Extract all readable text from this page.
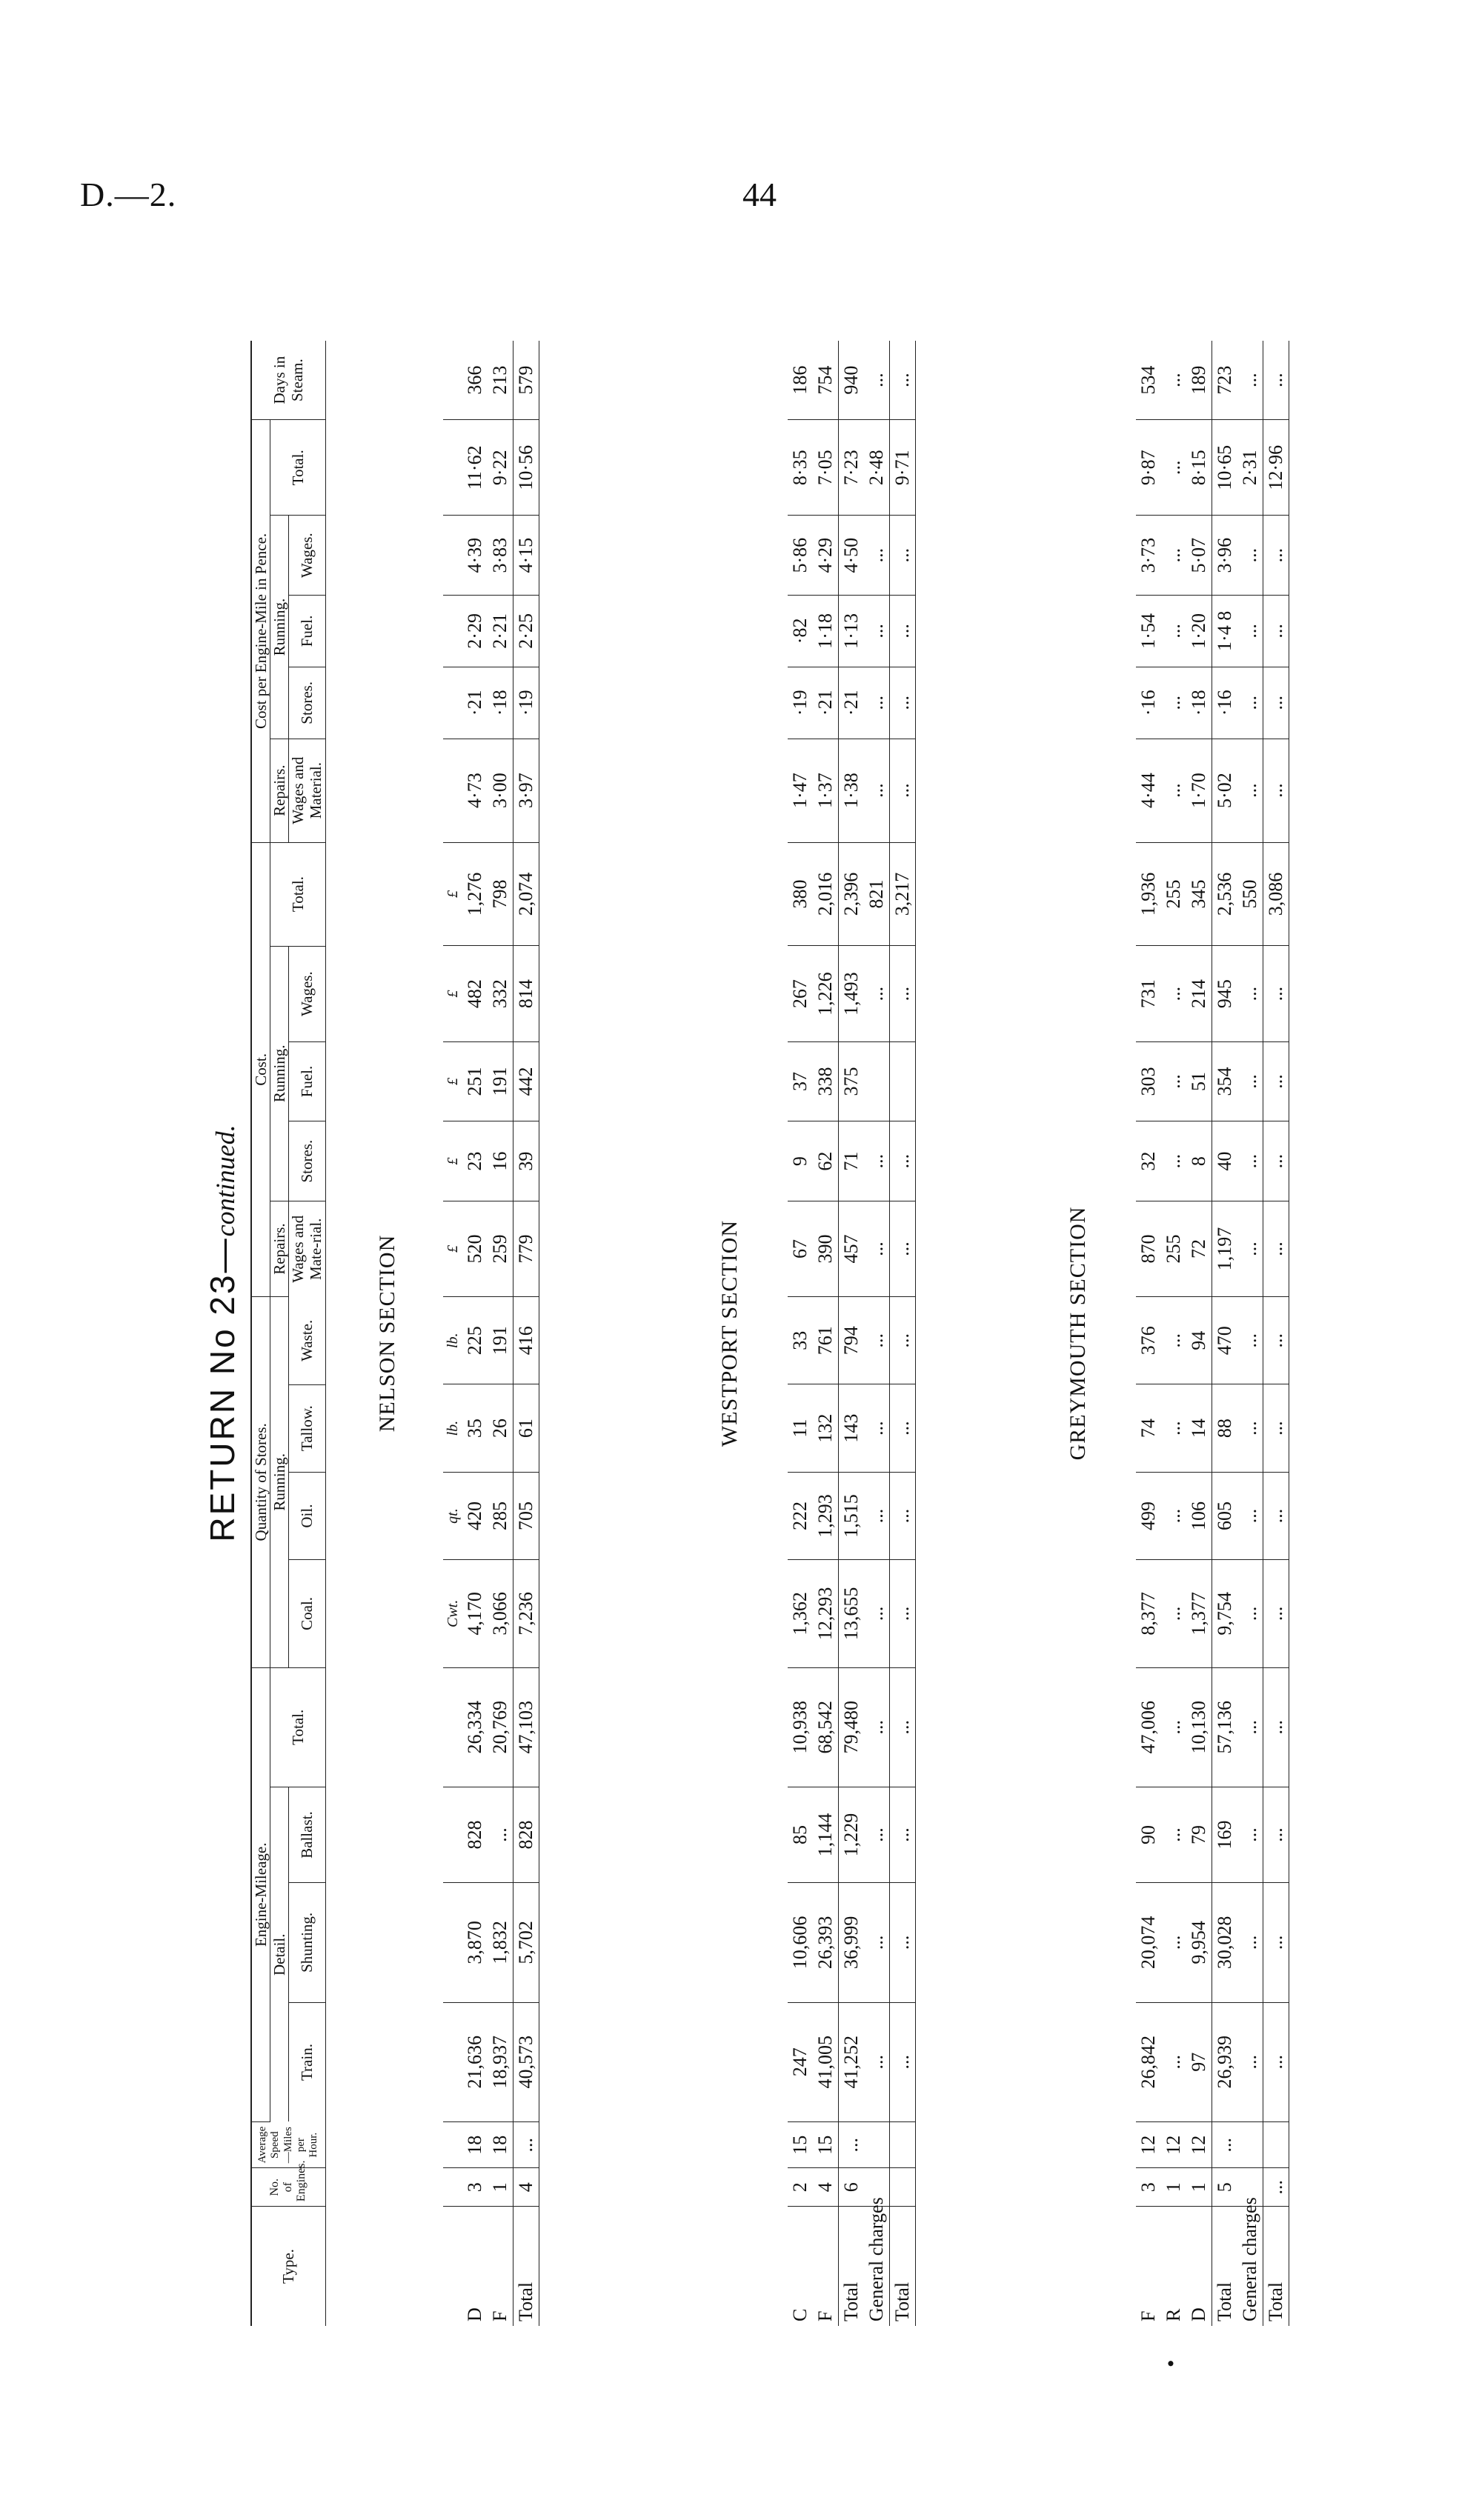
D.—2.	44
RETURN No 23—continued.
Type.	No. of Engines.	Average Speed—Miles per Hour.	Engine-Mileage.				Quantity of Stores.				Cost.					Cost per Engine-Mile in Pence.					Days in Steam.
			Detail.			Total.	Running.				Repairs.	Running.			Total.	Repairs.	Running.			Total.	
			Train.	Shunting.	Ballast.		Coal.	Oil.	Tallow.	Waste.		Stores.	Fuel.	Wages.			Stores.	Fuel.	Wages.		
											Wages and Mate-rial.					Wages and Material.					
NELSON SECTION
							Cwt.	qt.	lb.	lb.	£	£	£	£	£						
D	3	18	21,636	3,870	828	26,334	4,170	420	35	225	520	23	251	482	1,276	4·73	·21	2·29	4·39	11·62	366
F	1	18	18,937	1,832	...	20,769	3,066	285	26	191	259	16	191	332	798	3·00	·18	2·21	3·83	9·22	213
Total	4	...	40,573	5,702	828	47,103	7,236	705	61	416	779	39	442	814	2,074	3·97	·19	2·25	4·15	10·56	579
WESTPORT SECTION
C	2	15	247	10,606	85	10,938	1,362	222	11	33	67	9	37	267	380	1·47	·19	·82	5·86	8·35	186
F	4	15	41,005	26,393	1,144	68,542	12,293	1,293	132	761	390	62	338	1,226	2,016	1·37	·21	1·18	4·29	7·05	754
Total	6	...	41,252	36,999	1,229	79,480	13,655	1,515	143	794	457	71	375	1,493	2,396	1·38	·21	1·13	4·50	7·23	940
General charges			...	...	...	...	...	...	...	...	...	...		...	821	...	...	...	...	2·48	...
Total			...	...	...	...	...	...	...	...	...	...		...	3,217	...	...	...	...	9·71	...
GREYMOUTH SECTION
•
F	3	12	26,842	20,074	90	47,006	8,377	499	74	376	870	32	303	731	1,936	4·44	·16	1·54	3·73	9·87	534
R	1	12	...	...	...	...	...	...	...	...	255	...	...	...	255	...	...	...	...	...	...
D	1	12	97	9,954	79	10,130	1,377	106	14	94	72	8	51	214	345	1·70	·18	1·20	5·07	8·15	189
Total	5	...	26,939	30,028	169	57,136	9,754	605	88	470	1,197	40	354	945	2,536	5·02	·16	1·4 8	3·96	10·65	723
General charges			...	...	...	...	...	...	...	...	...	...	...	...	550	...	...	...	...	2·31	...
Total	...		...	...	...	...	...	...	...	...	...	...	...	...	3,086	...	...	...	...	12·96	...
